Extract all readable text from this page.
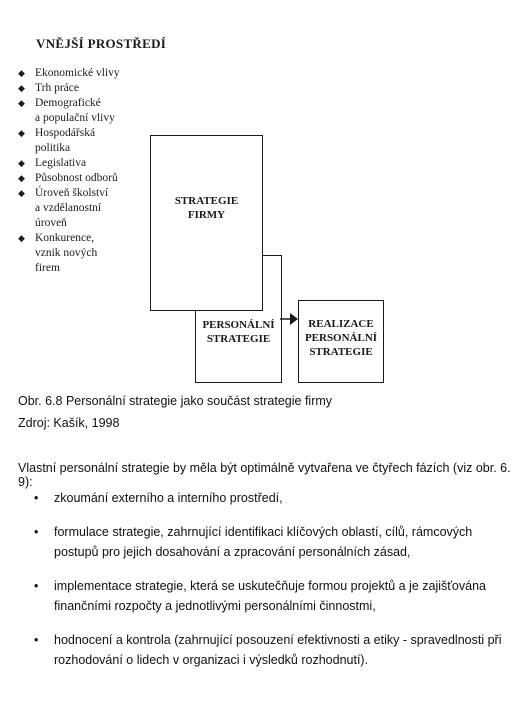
VNĚJŠÍ PROSTŘEDÍ
◆ Ekonomické vlivy
◆ Trh práce
◆ Demografické
a populační vlivy
◆ Hospodářská
politika
◆ Legislativa
◆ Působnost odborů
◆ Úroveň školství
a vzdělanostní
úroveň
◆ Konkurence,
vznik nových
firem
PERSONÁLNÍ
STRATEGIE
STRATEGIE
FIRMY
REALIZACE
PERSONÁLNÍ
STRATEGIE
Obr. 6.8 Personální strategie jako součást strategie firmy
Zdroj: Kašík, 1998
Vlastní personální strategie by měla být optimálně vytvařena ve čtyřech fázích (viz obr. 6. 9):
• zkoumání externího a interního prostředí,
• formulace strategie, zahrnující identifikaci klíčových oblastí, cílů, rámcových postupů pro jejich dosahování a zpracování personálních zásad,
• implementace strategie, která se uskutečňuje formou projektů a je zajišťována finančními rozpočty a jednotlivými personálními činnostmi,
• hodnocení a kontrola (zahrnující posouzení efektivnosti a etiky - spravedlnosti při rozhodování o lidech v organizaci i výsledků rozhodnutí).
